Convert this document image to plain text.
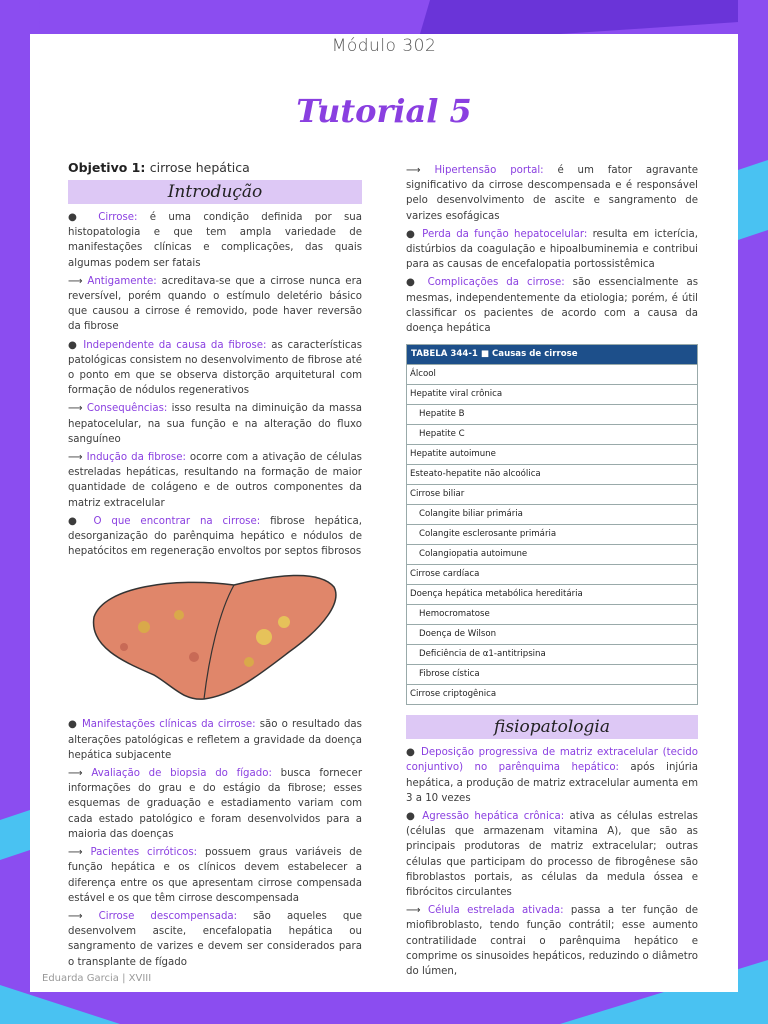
Módulo 302
Tutorial 5
Objetivo 1: cirrose hepática
Introdução

● Cirrose: é uma condição definida por sua histopatologia e que tem ampla variedade de manifestações clínicas e complicações, das quais algumas podem ser fatais

⟶ Antigamente: acreditava-se que a cirrose nunca era reversível, porém quando o estímulo deletério básico que causou a cirrose é removido, pode haver reversão da fibrose

● Independente da causa da fibrose: as características patológicas consistem no desenvolvimento de fibrose até o ponto em que se observa distorção arquitetural com formação de nódulos regenerativos

⟶ Consequências: isso resulta na diminuição da massa hepatocelular, na sua função e na alteração do fluxo sanguíneo

⟶ Indução da fibrose: ocorre com a ativação de células estreladas hepáticas, resultando na formação de maior quantidade de colágeno e de outros componentes da matriz extracelular

● O que encontrar na cirrose: fibrose hepática, desorganização do parênquima hepático e nódulos de hepatócitos em regeneração envoltos por septos fibrosos

● Manifestações clínicas da cirrose: são o resultado das alterações patológicas e refletem a gravidade da doença hepática subjacente

⟶ Avaliação de biopsia do fígado: busca fornecer informações do grau e do estágio da fibrose; esses esquemas de graduação e estadiamento variam com cada estado patológico e foram desenvolvidos para a maioria das doenças

⟶ Pacientes cirróticos: possuem graus variáveis de função hepática e os clínicos devem estabelecer a diferença entre os que apresentam cirrose compensada estável e os que têm cirrose descompensada

⟶ Cirrose descompensada: são aqueles que desenvolvem ascite, encefalopatia hepática ou sangramento de varizes e devem ser considerados para o transplante de fígado

⟶ Hipertensão portal: é um fator agravante significativo da cirrose descompensada e é responsável pelo desenvolvimento de ascite e sangramento de varizes esofágicas

● Perda da função hepatocelular: resulta em icterícia, distúrbios da coagulação e hipoalbuminemia e contribui para as causas de encefalopatia portossistêmica

● Complicações da cirrose: são essencialmente as mesmas, independentemente da etiologia; porém, é útil classificar os pacientes de acordo com a causa da doença hepática

TABELA 344-1 ■ Causas de cirrose
Álcool
Hepatite viral crônica
Hepatite B
Hepatite C
Hepatite autoimune
Esteato-hepatite não alcoólica
Cirrose biliar
Colangite biliar primária
Colangite esclerosante primária
Colangiopatia autoimune
Cirrose cardíaca
Doença hepática metabólica hereditária
Hemocromatose
Doença de Wilson
Deficiência de α1-antitripsina
Fibrose cística
Cirrose criptogênica
fisiopatologia

● Deposição progressiva de matriz extracelular (tecido conjuntivo) no parênquima hepático: após injúria hepática, a produção de matriz extracelular aumenta em 3 a 10 vezes

● Agressão hepática crônica: ativa as células estrelas (células que armazenam vitamina A), que são as principais produtoras de matriz extracelular; outras células que participam do processo de fibrogênese são fibroblastos portais, as células da medula óssea e fibrócitos circulantes

⟶ Célula estrelada ativada: passa a ter função de miofibroblasto, tendo função contrátil; esse aumento contratilidade contrai o parênquima hepático e comprime os sinusoides hepáticos, reduzindo o diâmetro do lúmen,

Eduarda Garcia | XVIII
